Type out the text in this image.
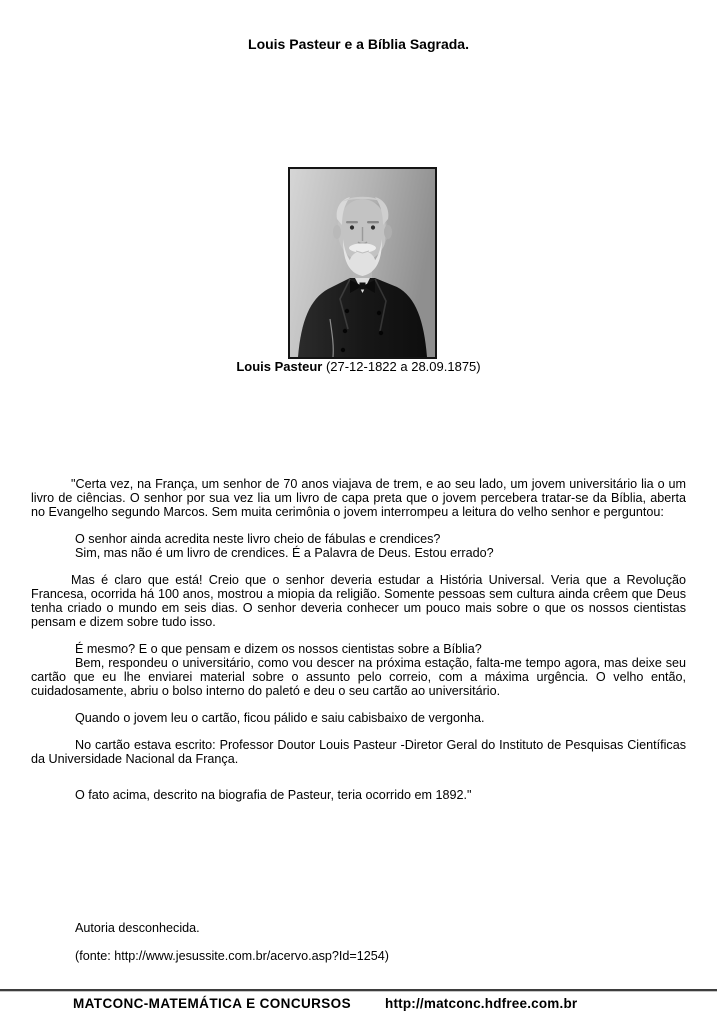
Louis Pasteur e a Bíblia Sagrada.
Louis Pasteur (27-12-1822 a 28.09.1875)

"Certa vez, na França, um senhor de 70 anos viajava de trem, e ao seu lado, um jovem universitário lia o um livro de ciências. O senhor por sua vez lia um livro de capa preta que o jovem percebera tratar-se da Bíblia, aberta no Evangelho segundo Marcos. Sem muita cerimônia o jovem interrompeu a leitura do velho senhor e perguntou:

O senhor ainda acredita neste livro cheio de fábulas e crendices?

Sim, mas não é um livro de crendices. É a Palavra de Deus. Estou errado?

Mas é claro que está! Creio que o senhor deveria estudar a História Universal. Veria que a Revolução Francesa, ocorrida há 100 anos, mostrou a miopia da religião. Somente pessoas sem cultura ainda crêem que Deus tenha criado o mundo em seis dias. O senhor deveria conhecer um pouco mais sobre o que os nossos cientistas pensam e dizem sobre tudo isso.

É mesmo? E o que pensam e dizem os nossos cientistas sobre a Bíblia?

Bem, respondeu o universitário, como vou descer na próxima estação, falta-me tempo agora, mas deixe seu cartão que eu lhe enviarei material sobre o assunto pelo correio, com a máxima urgência. O velho então, cuidadosamente, abriu o bolso interno do paletó e deu o seu cartão ao universitário.

Quando o jovem leu o cartão, ficou pálido e saiu cabisbaixo de vergonha.

No cartão estava escrito: Professor Doutor Louis Pasteur -Diretor Geral do Instituto de Pesquisas Científicas da Universidade Nacional da França.

O fato acima, descrito na biografia de Pasteur, teria ocorrido em 1892."

Autoria desconhecida.
(fonte: http://www.jesussite.com.br/acervo.asp?Id=1254)
MATCONC-MATEMÁTICA E CONCURSOS	http://matconc.hdfree.com.br
